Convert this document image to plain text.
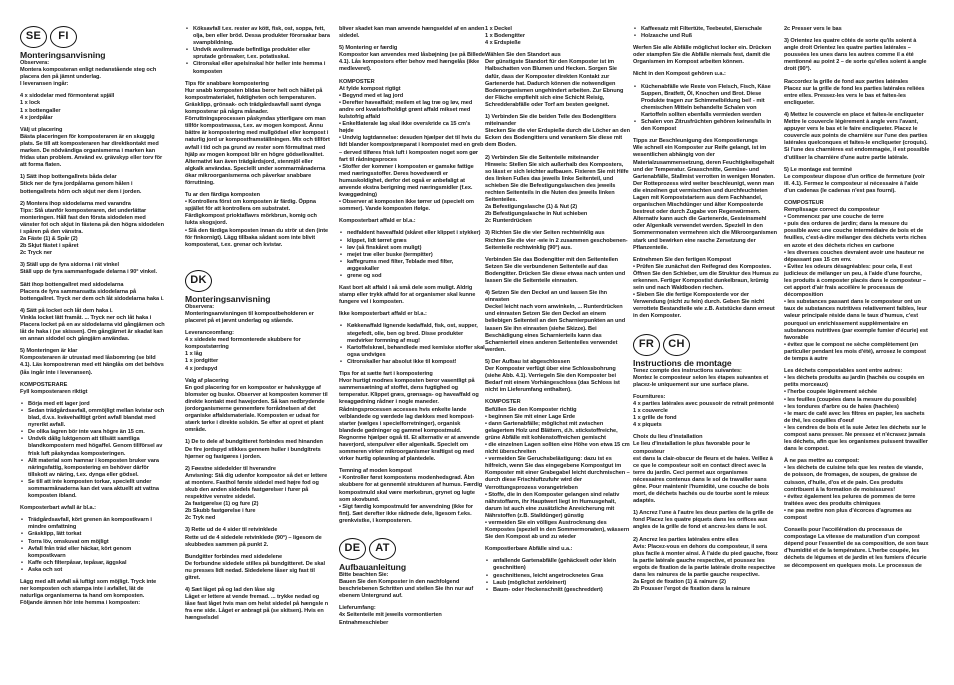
SE	FI

Monteringsanvisning

Observera:
Montera komposteran enligt nedanstående steg och placera den på jämnt underlag.
I leveransen ingår:

4 x sidodelar med förmonterat spjäll
1 x lock
1 x bottengaller
4 x jordpålar

Välj ut placering
Bästa placeringen för komposteraren är en skuggig plats. Se till att komposteraren har direktkontakt med marken. De nödvändiga organismerna i marken kan fridas utan problem. Använd ev. grävskyp eller torv för att forma flaten.

1) Sätt ihop bottengallrets båda delar
Stick ner de fyra jordpålarna genom hålen i bottengallrets hörn och skjut ner dem i jorden.

2) Montera ihop sidodelarna med varandra
Tips: Stå utanför komposteraren, det underlättar monteringen. Håll fast den första sidodelen med vänster fot och skjut in fästena på den högra sidodelen i spåren på den vänstra.
2a Fäste (1) & Spår (2)
2b Skjut fästet i spåret
2c Tryck ner

3) Ställ upp de fyra sidorna i rät vinkel
Ställ upp de fyra sammanfogade delarna i 90° vinkel.

Sätt ihop bottengallret med sidodelarna
Placera de fyra sammansatta sidodelarna på bottengallret. Tryck ner dem och låt sidodelarna haka i.

4) Sätt på locket och låt dem haka i.
Vinkla locket lätt framåt. ... Tryck ner och låt haka i Placera locket på en av sidodelarna vid gångjärnen och låt de haka i (se skissen). Om gångjärnet är skadat kan en annan sidodel och gångjärn användas.

5) Monteringen är klar
Komposteraren är utrustad med låsbomring (se bild 4.1). Läs kompostreran med ett hänglås om det behövs (lås ingår inte i leveransen).

KOMPOSTERARE
Fyll komposteraren riktigt

• Börja med ett lager jord
• Sedan trädgårdsavfall, ommöjligt mellan kvistar och blad, d.v.s. kvävehalltigt grönt avfall blandat med nyrerikt avfall.
• De olika lagren bör inte vara högre än 15 cm.
• Undvik dålig luktgenom att tillsätt samtliga blandkompostern med högaffel. Genom tillförsel av frisk luft påskyndas komposteringen.
• Allt material som hamnar i komposten bruker vara näringsfattig, kompostering en behöver därför tillskott av näring, t.ex. dynga eller gödsel.
• Se till att inte komposten torkar, speciellt under sommarmånaderna kan det vara aktuellt att vattna komposten ibland.

Komposterbart avfall är bl.a.:

• Trädgårdsavfall, kört grenen än kompostkvarn i mindre omfattning
• Gräsklipp, lätt torkat
• Torra löv, omskuvat om möjligt
• Avfall från träd eller häckar, kört genom kompostkvarn
• Kaffe och filterpåsar, tepåsar, äggskal
• Aska och sot

Lägg med allt avfall så luftigt som möjligt. Tryck inte ner komposten och stampa inte i avfallet, lät de naturliga organismerna ta hand om komposten. Följande ämnen hör inte hemma i komposten:

• Köksavfall t.ex. rester av kött, fisk, ost, soppa, fett, olja, ben eller bröd. Dessa produkter förorsakar bara svampbildning.
• Undvik avslimmade befintliga produkter eller sprutade grönsaker, t.ex. potatisskal.
• Citronskal eller apelsinskal hör heller inte hemma i komposten

Tips för snabbare kompostering
Hur snabb komposten blidas beror helt och hållet på kompostmaterialet, fuktigheten och temperaturen. Gräsklipp, grönsak- och trädgårdsavfall samt dynga komposterar på några månader.
Förruttningsprocessen påskyndas ytterligare om man tillför kompostmassa, t.ex. av mogen kompost. Ännu bättre är kompostering med mullgödsel eller kompost i naturlig jord ur kompostframställningen. Mix och tillfört avfall i tid och pa grund av rester som förmultnat med hjälp av mogen kompost blir en högre gödselkvalitet.
Alternativt kan även trädgårdsjord, stenmjöl eller algkalk användas. Speciellt under sommarmånaderna ökar mikroorganismerna och påverkar snabbare förruttning.

Tu ar den färdiga komposten
• Kontrollera först om komposten är färdig. Öppna spjället för att kontrollera om substratet. Färdigkompost prioktaflavrs mörkbrun, komig och lukta skogsjord.
• Slå den färdiga komposten innan du strör ut den (inte för finkornigt). Lägg tillbaka sådant som inte blivit komposterat, t.ex. grenar och kvistar.

DK

Monteringsanvisning

Observera:
Monteringsanvisningen til kompostbeholderen er placeret på et jævnt underlag og stående.

Leveranceomfang:
4 x sidedele med formonterede skubbere for kompoststørring
1 x låg
1 x jordgitter
4 x jordspyd

Valg af placering
En god placering for en kompostor er halvskygge af blomster og buske. Observer at komposten kommer til direkte kontakt med havejorden. Så kan nedbrydende jordorganismerne gennemføre forrådnelsen af det organiske affaldsmateriale. Komposten er udsat for stærk tørke i direkte solskin. Se efter at opret et plant område.

1) De to dele af bundgitteret forbindes med hinanden
De fire jordspyd stikkes gennem huller i bundgitrets hjørner og fastgøres i jorden.

2) Føestne sidedelder til hverandre
Anvisning: Stå dig udenfor kompostor så det er lettere at montere. Fasthol første sidedel med højre fod og skub den anden sidedels fastgørelser i furer på respektive venstre sidedel.
2a fastgørelse (1) og fure (2)
2b Skubb fastgørelse i fure
2c Tryk ned

3) Rette ud de 4 sider til retvinklede
Rette ud de 4 sidedele retvinklede (90°) – ligesom de skubbedes sammen på punkt 2.

Bundgitter forbindes med sidedelene
De forbundne sidedele stilles på bundgitteret. De skal nu presses lidt nedad. Sidedelene låser sig fast til gitret.

4) Sæt låget på og lad den låse sig
Låget er lettere at vende fremad. ... trykke nedad og låse fast låget hvis man om helst sidedel på hængsle n fra ene side. Låget er anbragt på (se skitsen). Hvis en hængselsdel

bliver skadet kan man anvende hængseldel af en anden sidedel.

5) Montering er færdig
Kompostor kan anvendes med låsbøjning (se på Billede 4.1). Lås kompostors efter behov med hængelås (ikke medleveret).

KOMPOSTER
At fylde kompost rigtigt
• Begynd med et lag jord
• Derefter haveaffald; meilem et lag træ og løv, med andre ord kvælstofholdigt grønt affald mikset med kulstofrig affald
• Enkeltlaterale lag skal ikke overskride ca 15 cm's højde
• Undvig lugtdannelse: desuden hjælper det til hvis du lidt blander kompostpræparat i kompostet med en greb – derved tilføres frisk luft i komposten noget som gør fart til rådningsproces
• Stoffer der kommer i komposten er gamske fattige med næringsstoffer. Deres hovedværdi er humuskoldighet, derfor det også er anbefaligt at anvende ekstra berigning med næringsmidler (f.ex. kvæggødning)
• Observer at komposten ikke tørrer ud (specielt om sommer). Vande komposten ifølge.

Komposterbart affald er bl.a.:

• nedfaldent haveaffald (skåret eller klippet i stykker)
• klippet, lidt tørret græs
• løv (så finskåret som muligt)
• mejet træ eller buske (termpitter)
• kaffegrums med filter, Teblade med filter, æggeskaller
• grene og sod

Kast bort alt affald i så små dele som muligt. Aldrig stamp eller trykk affald for at organismer skal kunne fungere vel i komposten.

Ikke komposterbart affald er bl.a.:

• Køkkenaffald lignende kødaffald, fisk, ost, supper, stegefedt, olie, ben og bred. Disse produkter medvirker formning af mug!
• Kartoffelskræl, behandlede med kemiske stoffer skal ogsa undviges
• Citronskaller har absolut ikke til kompost!

Tips for at sætte fart i kompostering
Hvor hurtigt modnes komposten beror vasentligt på sammensætning af stoffet, dens fugtighed og temperatur. Klippet græs, grønsags- og haveaffald og kreaggødning rådner i nogle maneder.
Rådningsprocessen accesses hvis enkelte lande velblandede og værdede lag dækkes med kompost-starter (vælges i specielforretninger), organisk blandede gødninger og gammel kompostmuld. Regnorme hjælper også til. Et alternativ er at anvende haverjord, stenpulver eller algenkalk. Specielt om sommeren virker mikroorganismer kraftigst og med virker hurtig opløsning af plantedele.

Temning af moden kompost
• Kontroller først kompostens modenhedsgrad. Åbn skubbere for at gennemlé strukturen af humus. Færdig kompostmuld skal være mørkebrun, grynet og lugte som skovbund.
• Sigt færdig kompostmuld før anvendning (ikke for fint). Sæt derefter ikke rådnede dele, ligesom f.eks. grenkvistke, i komposteren.

DE	AT

Aufbauanleitung

Bitte beachten Sie:
Bauen Sie den Komposter in den nachfolgend beschriebenen Schritten und stellen Sie ihn nur auf ebenem Untergrund auf.

Lieferumfang:
4x Seitenteile mit jeweils vormontierten Entnahmeschieber

1 x Deckel
1 x Bodengitter
4 x Erdspieße

Wählen Sie den Standort aus
Der günstigste Standort für den Komposter ist im Halbschatten von Blumen und Hecken. Sorgen Sie dafür, dass der Komposter direkten Kontakt zur Gartenerde hat. Dadurch können die notwendigen Bodenorganismen ungehindert arbeiten. Zur Ebnung der Fläche empfiehlt sich eine Schicht Reisig, Schredderabfälle oder Torf am besten geeignet.

1) Verbinden Sie die beiden Teile des Bodengitters miteinander
Stecken Sie die vier Erdspieße durch die Löcher an den Ecken des Bodengitters und verankern Sie diese mit dem Boden.

2) Verbinden Sie die Seitenteile miteinander
Hinweis: Stellen Sie sich außerhalb des Komposters, so lässt er sich leichter aufbauen. Fixieren Sie mit Hilfe des linken Fußes das jeweils linke Seitenteil, und schieben Sie die Befestigungslaschen des jeweils rechten Seitenteils in die Nuten des jeweils linken Seitenteiles.
2a Befestigungslasche (1) & Nut (2)
2b Befestigungslasche in Nut schieben
2c Runterdrücken

3) Richten Sie die vier Seiten rechtwinklig aus
Richten Sie die vier -wie in 2 zusammen geschobenen- Seitenteile rechtwinklig (90°) aus.

Verbinden Sie das Bodengitter mit den Seitenteilen
Setzen Sie die verbundenen Seitenteile auf das Bodengitter. Drücken Sie diese etwas nach unten und lassen Sie die Seitenteile einrasten.

4) Setzen Sie den Deckel an und lassen Sie ihn einrasten
Deckel leicht nach vorn anwinkeln, ... Runterdrücken und einrasten Setzen Sie den Deckel an einem beliebigen Seitenteil an den Scharnierpunkten an und lassen Sie ihn einrasten (siehe Skizze). Bei Beschädigung eines Scharnierteils kann das Scharnierteil eines anderen Seitenteiles verwendet werden.

5) Der Aufbau ist abgeschlossen
Der Komposter verfügt über eine Schlossbohrung (siehe Abb. 4.1). Verriegeln Sie den Komposter bei Bedarf mit einem Vorhängeschloss (das Schloss ist nicht im Lieferumfang enthalten).

KOMPOSTER
Befüllen Sie den Komposter richtig
• beginnen Sie mit einer Lage Erde
• dann Gartenabfälle; möglichst mit zwischen gelagertem Holz und Blättern, d.h. stickstoffreiche, grüne Abfälle mit kohlenstoffreichen gemischt
• die einzelnen Lagen sollten eine Höhe von etwa 15 cm nicht überschreiten
• vermeiden Sie Geruchsbelästigung: dazu ist es hilfreich, wenn Sie das eingegebene Kompostgut im Komposter mit einer Grabegabel leicht durchmischen – durch diese Frischluftzufuhr wird der Verrottungsprozess vorangetrieben
• Stoffe, die in den Komposter gelangen sind relativ nährstoffarm, ihr Hauptwert liegt im Humusgehalt, darum ist auch eine zusätzliche Anreicherung mit Nährstoffen (z.B. Stalldünger) günstig
• vermeiden Sie ein völliges Austrocknung des Kompostes (speziell in den Sommermonaten), wässern Sie den Kompost ab und zu wieder

Kompostierbare Abfälle sind u.a.:

• anfallende Gartenabfälle (gehäckselt oder klein geschnitten)
• geschnittenes, leicht angetrocknetes Gras
• Laub (möglichst zerkleinert)
• Baum- oder Heckenschnitt (geschreddert)
• Kaffeesatz mit Filtertüte, Teebeutel, Eierschale
• Holzasche und Ruß

Werfen Sie alle Abfälle möglichst locker ein. Drücken oder stampfen Sie die Abfälle niemals fest, damit die Organismen im Kompost arbeiten können.

Nicht in den Kompost gehören u.a.:

• Küchenabfälle wie Reste von Fleisch, Fisch, Käse Suppen, Bratfett, Öl, Knochen und Brot. Diese Produkte tragen zur Schimmelbildung bei! - mit chemischen Mitteln behandelte Schalen von Kartoffeln sollten ebenfalls vermieden werden
• Schalen von Zitrusfrüchten gehören keinesfalls in den Kompost

Tipps zur Beschleunigung des Kompostierungs
Wie schnell ein Komposter zur Reife gelangt, ist im wesentlichen abhängig von der Materialzusammensetzung, deren Feuchtigkeitsgehalt und der Temperatur. Grasschnitte, Gemüse- und Gartenabfälle, Stallmist verrotten in wenigen Monaten.
Der Rotteprozess wird weiter beschleunigt, wenn man die einzelnen gut vermischten und durchfeuchteten Lagen mit Kompoststartern aus dem Fachhandel, organischen Mischdünger und älter Komposterde bestreut oder durch Zugabe von Regenwürmern. Alternativ kann auch die Gartenerde, Gesteinsmehl oder Algenkalk verwendet werden. Speziell in den Sommermonaten vermehren sich die Mikroorganismen stark und bewirken eine rasche Zersetzung der Pflanzenteile.

Entnehmen Sie den fertigen Kompost
• Prüfen Sie zunächst den Reifegrad des Kompostes. Öffnen Sie den Schieber, um die Struktur des Humus zu erkennen. Fertiger Kompostist dunkelbraun, krümig sein und nach Waldboden riechen.
• Sieben Sie die fertige Komposterde vor der Verwendung (nicht zu fein) durch. Geben Sie nicht verrottete Bestandteile wie z.B. Aststücke dann erneut in den Komposter.

FR	CH

Instructions de montage

Tenez compte des instructions suivantes:
Montez le composteur selon les étapes suivantes et placez-le uniquement sur une surface plane.

Fournitures:
4 x parties latérales avec poussoir de retrait prémonté
1 x couvercle
1 x grille de fond
4 x piquets

Choix du lieu d'installation
Le lieu d'installation le plus favorable pour le composteur
est dans la clair-obscur de fleurs et de haies. Veillez à ce que le composteur soit en contact direct avec la terre du jardin. Ceci permet aux organismes nécessaires contenus dans le sol de travailler sans gêne. Pour maintenir l'humidité, une couche de bois mort, de déchets hachés ou de tourbe sont le mieux adaptés.

1) Ancrez l'une à l'autre les deux parties de la grille de fond Placez les quatre piquets dans les orifices aux angles de la grille de fond et ancrez-les dans le sol.

2) Ancrez les parties latérales entre elles
Avis: Placez-vous en dehors du composteur, il sera plus facile à monter ainsi. À l'aide du pied gauche, fixez la partie latérale gauche respective, et poussez les ergots de fixation de la partie latérale droite respective dans les rainures de la partie gauche respective.
2a Ergot de fixation (1) & rainure (2)
2b Pousser l'ergot de fixation dans la rainure

2c Presser vers le bas

3) Orientez les quatre côtés de sorte qu'ils soient à angle droit Orientez les quatre parties latérales – poussées les unes dans les autres comme il a été mentionné au point 2 – de sorte qu'elles soient à angle droit (90°).

Raccordez la grille de fond aux parties latérales
Placez sur la grille de fond les parties latérales reliées entre elles. Pressez-les vers le bas et faites-les encliqueter.

4) Mettez le couvercle en place et faites-le encliqueter
Mettre le couvercle légèrement à angle vers l'avant, appuyer vers le bas et le faire encliqueter. Placez le couvercle aux points de charnière sur l'une des parties latérales quelconques et faites-le encliqueter (croquis). Si l'une des charnières est endommagée, il est possible d'utiliser la charnière d'une autre partie latérale.

5) Le montage est terminé
Le composteur dispose d'un orifice de fermeture (voir ill. 4.1). Fermez le composteur si nécessaire à l'aide d'un cadenas (le cadenas n'est pas fourni).

COMPOSTEUR
Remplissage correct du composteur
• Commencez par une couche de terre
• puis des ordures de jardin; dans la mesure du possible avec une couche intermédiaire de bois et de feuilles, c'est-à-dire mélanger des déchets verts riches en azote et des déchets riches en carbone
• les diverses couches devraient avoir une hauteur ne dépassant pas 15 cm env.
• Évitez les odeurs désagréables: pour cela, il est judicieux de mélanger un peu, à l'aide d'une fourche, les produits à composter placés dans le composteur – cet apport d'air frais accélère le processus de décomposition
• les substances passant dans le composteur ont un taux de substances nutritives relativement faibles, leur valeur principale réside dans le taux d'humus, c'est pourquoi un enrichissement supplémentaire en substances nutritives (par exemple fumier d'écurie) est favorable
• évitez que le compost ne sèche complètement (en particulier pendant les mois d'été), arrosez le compost de temps à autre

Les déchets compostables sont entre autres:
• les déchets produits au jardin (hachés ou coupés en petits morceaux)
• l'herbe coupée légèrement séchée
• les feuilles (coupées dans la mesure du possible)
• les tondures d'arbre ou de haies (hachées)
• le marc de café avec les filtres en papier, les sachets de thé, les coquilles d'oeuf
• les cendres de bois et la suie Jetez les déchets sur le compost sans presser. Ne pressez et n'écrasez jamais les déchets, afin que les organismes puissent travailler dans le compost.

À ne pas mettre au compost:
• les déchets de cuisine tels que les restes de viande, de poisson, de fromages, de soupes, de graisse de cuisson, d'huile, d'os et de pain. Ces produits contribuent à la formation de moisissures!
• évitez également les pelures de pommes de terre traitées avec des produits chimiques
• ne pas mettre non plus d'écorces d'agrumes au compost

Conseils pour l'accélération du processus de compostage La vitesse de maturation d'un compost dépend pour l'essentiel de sa composition, de son taux d'humidité et de la température. L'herbe coupée, les déchets de légumes et de jardin et les fumiers d'écurie se décomposent en quelques mois. Le processus de
